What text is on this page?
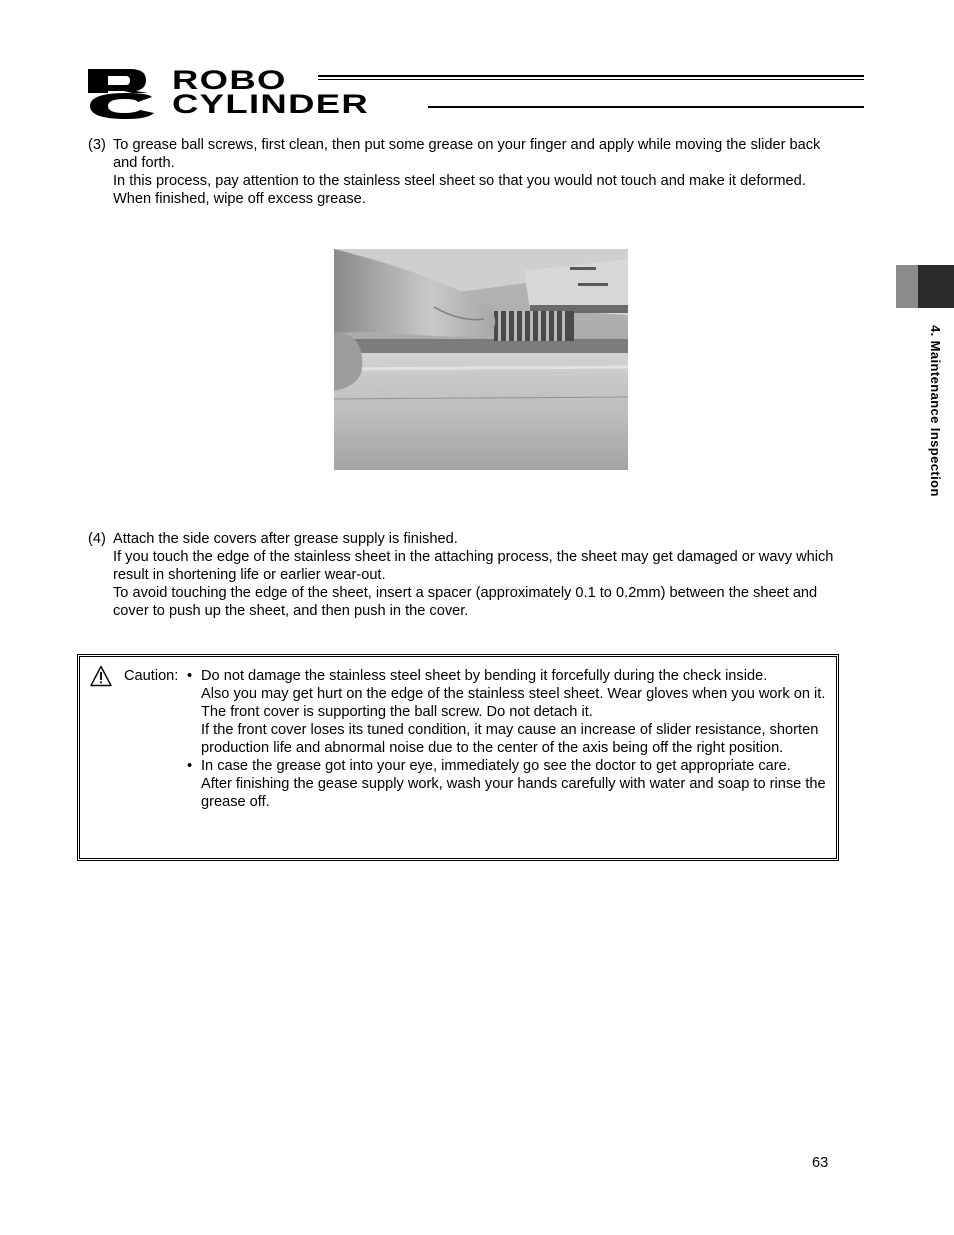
ROBO
CYLINDER
4. Maintenance Inspection
(3) To grease ball screws, first clean, then put some grease on your finger and apply while moving the slider back and forth.

In this process, pay attention to the stainless steel sheet so that you would not touch and make it deformed.

When finished, wipe off excess grease.

(4) Attach the side covers after grease supply is finished.

If you touch the edge of the stainless sheet in the attaching process, the sheet may get damaged or wavy which result in shortening life or earlier wear-out.

To avoid touching the edge of the sheet, insert a spacer (approximately 0.1 to 0.2mm) between the sheet and cover to push up the sheet, and then push in the cover.

Caution: • Do not damage the stainless steel sheet by bending it forcefully during the check inside.

Also you may get hurt on the edge of the stainless steel sheet. Wear gloves when you work on it.

The front cover is supporting the ball screw. Do not detach it.

If the front cover loses its tuned condition, it may cause an increase of slider resistance, shorten production life and abnormal noise due to the center of the axis being off the right position.

• In case the grease got into your eye, immediately go see the doctor to get appropriate care.

After finishing the gease supply work, wash your hands carefully with water and soap to rinse the grease off.

63
